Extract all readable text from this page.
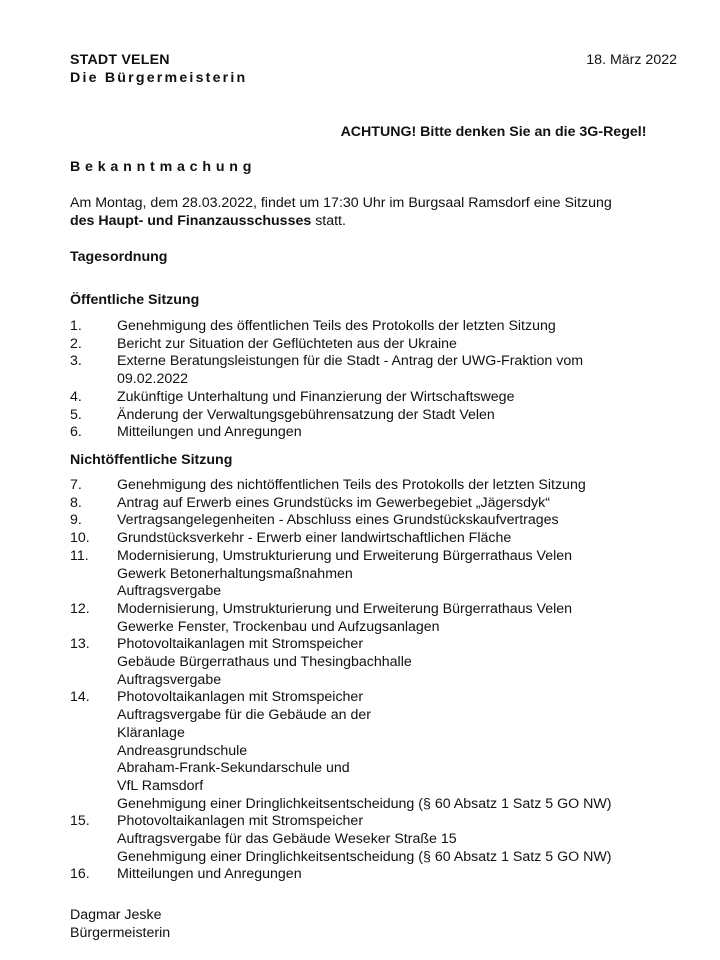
STADT VELEN
Die Bürgermeisterin
18. März 2022
ACHTUNG! Bitte denken Sie an die 3G-Regel!
Bekanntmachung

Am Montag, dem 28.03.2022, findet um 17:30 Uhr im Burgsaal Ramsdorf eine Sitzung
des Haupt- und Finanzausschusses statt.

Tagesordnung
Öffentliche Sitzung
1.	Genehmigung des öffentlichen Teils des Protokolls der letzten Sitzung
2.	Bericht zur Situation der Geflüchteten aus der Ukraine
3.	Externe Beratungsleistungen für die Stadt - Antrag der UWG-Fraktion vom
09.02.2022
4.	Zukünftige Unterhaltung und Finanzierung der Wirtschaftswege
5.	Änderung der Verwaltungsgebührensatzung der Stadt Velen
6.	Mitteilungen und Anregungen
Nichtöffentliche Sitzung
7.	Genehmigung des nichtöffentlichen Teils des Protokolls der letzten Sitzung
8.	Antrag auf Erwerb eines Grundstücks im Gewerbegebiet „Jägersdyk“
9.	Vertragsangelegenheiten - Abschluss eines Grundstückskaufvertrages
10.	Grundstücksverkehr - Erwerb einer landwirtschaftlichen Fläche
11.	Modernisierung, Umstrukturierung und Erweiterung Bürgerrathaus Velen
Gewerk Betonerhaltungsmaßnahmen
Auftragsvergabe
12.	Modernisierung, Umstrukturierung und Erweiterung Bürgerrathaus Velen
Gewerke Fenster, Trockenbau und Aufzugsanlagen
13.	Photovoltaikanlagen mit Stromspeicher
Gebäude Bürgerrathaus und Thesingbachhalle
Auftragsvergabe
14.	Photovoltaikanlagen mit Stromspeicher
Auftragsvergabe für die Gebäude an der
Kläranlage
Andreasgrundschule
Abraham-Frank-Sekundarschule und
VfL Ramsdorf
Genehmigung einer Dringlichkeitsentscheidung (§ 60 Absatz 1 Satz 5 GO NW)
15.	Photovoltaikanlagen mit Stromspeicher
Auftragsvergabe für das Gebäude Weseker Straße 15
Genehmigung einer Dringlichkeitsentscheidung (§ 60 Absatz 1 Satz 5 GO NW)
16.	Mitteilungen und Anregungen
Dagmar Jeske
Bürgermeisterin
